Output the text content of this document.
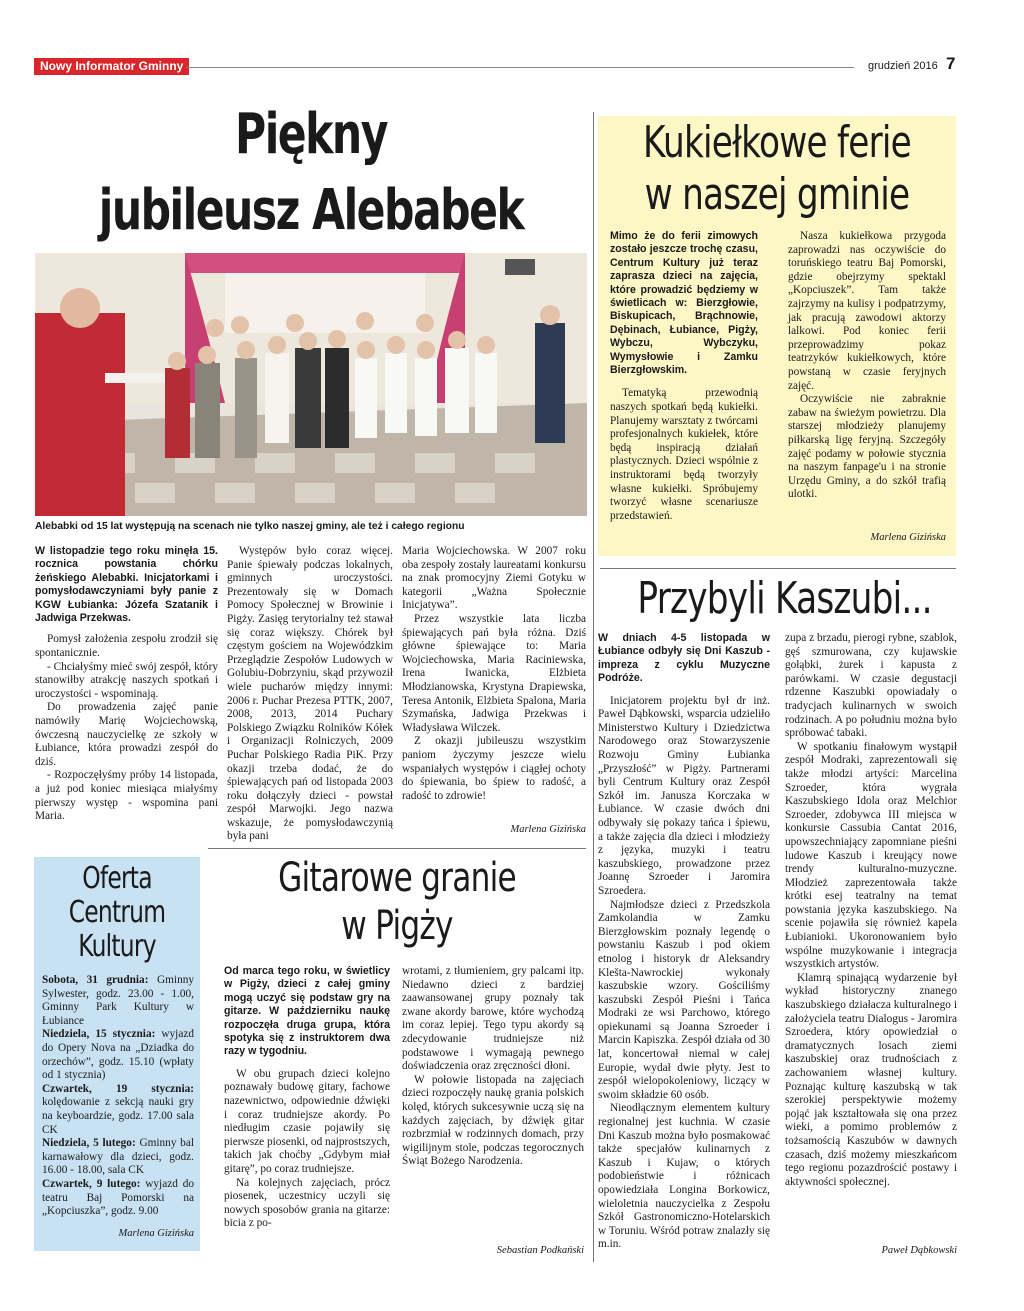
Nowy Informator Gminny	grudzień 2016 7
Piękny
jubileusz Alebabek
Alebabki od 15 lat występują na scenach nie tylko naszej gminy, ale też i całego regionu
W listopadzie tego roku minęła 15. rocznica powstania chórku żeńskiego Alebabki. Inicjatorkami i pomysłodawczyniami były panie z KGW Łubianka: Józefa Szatanik i Jadwiga Przekwas.

Pomysł założenia zespołu zrodził się spontanicznie.

- Chciałyśmy mieć swój zespół, który stanowiłby atrakcję naszych spotkań i uroczystości - wspominają.

Do prowadzenia zajęć panie namówiły Marię Wojciechowską, ówczesną nauczycielkę ze szkoły w Łubiance, która prowadzi zespół do dziś.

- Rozpoczęłyśmy próby 14 listopada, a już pod koniec miesiąca miałyśmy pierwszy występ - wspomina pani Maria.

Występów było coraz więcej. Panie śpiewały podczas lokalnych, gminnych uroczystości. Prezentowały się w Domach Pomocy Społecznej w Browinie i Pigży. Zasięg terytorialny też stawał się coraz większy. Chórek był częstym gościem na Wojewódzkim Przeglądzie Zespołów Ludowych w Golubiu-Dobrzyniu, skąd przywoził wiele pucharów między innymi: 2006 r. Puchar Prezesa PTTK, 2007, 2008, 2013, 2014 Puchary Polskiego Związku Rolników Kółek i Organizacji Rolniczych, 2009 Puchar Polskiego Radia PiK. Przy okazji trzeba dodać, że do śpiewających pań od listopada 2003 roku dołączyły dzieci - powstał zespół Marwojki. Jego nazwa wskazuje, że pomysłodawczynią była pani

Maria Wojciechowska. W 2007 roku oba zespoły zostały laureatami konkursu na znak promocyjny Ziemi Gotyku w kategorii „Ważna Społecznie Inicjatywa”.

Przez wszystkie lata liczba śpiewających pań była różna. Dziś główne śpiewające to: Maria Wojciechowska, Maria Raciniewska, Irena Iwanicka, Elżbieta Młodzianowska, Krystyna Drapiewska, Teresa Antonik, Elżbieta Spalona, Maria Szymańska, Jadwiga Przekwas i Władysława Wilczek.

Z okazji jubileuszu wszystkim paniom życzymy jeszcze wielu wspaniałych występów i ciągłej ochoty do śpiewania, bo śpiew to radość, a radość to zdrowie!

Marlena Gizińska
Kukiełkowe ferie
w naszej gminie
Mimo że do ferii zimowych zostało jeszcze trochę czasu, Centrum Kultury już teraz zaprasza dzieci na zajęcia, które prowadzić będziemy w świetlicach w: Bierzgłowie, Biskupicach, Brąchnowie, Dębinach, Łubiance, Pigży, Wybczu, Wybczyku, Wymysłowie i Zamku Bierzgłowskim.

Tematyką przewodnią naszych spotkań będą kukiełki. Planujemy warsztaty z twórcami profesjonalnych kukiełek, które będą inspiracją działań plastycznych. Dzieci wspólnie z instruktorami będą tworzyły własne kukiełki. Spróbujemy tworzyć własne scenariusze przedstawień.

Nasza kukiełkowa przygoda zaprowadzi nas oczywiście do toruńskiego teatru Baj Pomorski, gdzie obejrzymy spektakl „Kopciuszek”. Tam także zajrzymy na kulisy i podpatrzymy, jak pracują zawodowi aktorzy lalkowi. Pod koniec ferii przeprowadzimy pokaz teatrzyków kukiełkowych, które powstaną w czasie feryjnych zajęć.

Oczywiście nie zabraknie zabaw na świeżym powietrzu. Dla starszej młodzieży planujemy piłkarską ligę feryjną. Szczegóły zajęć podamy w połowie stycznia na naszym fanpage'u i na stronie Urzędu Gminy, a do szkół trafią ulotki.

Marlena Gizińska
Przybyli Kaszubi...
W dniach 4-5 listopada w Łubiance odbyły się Dni Kaszub - impreza z cyklu Muzyczne Podróże.

Inicjatorem projektu był dr inż. Paweł Dąbkowski, wsparcia udzieliło Ministerstwo Kultury i Dziedzictwa Narodowego oraz Stowarzyszenie Rozwoju Gminy Łubianka „Przyszłość” w Pigży. Partnerami byli Centrum Kultury oraz Zespół Szkół im. Janusza Korczaka w Łubiance. W czasie dwóch dni odbywały się pokazy tańca i śpiewu, a także zajęcia dla dzieci i młodzieży z języka, muzyki i teatru kaszubskiego, prowadzone przez Joannę Szroeder i Jaromira Szroedera.

Najmłodsze dzieci z Przedszkola Zamkolandia w Zamku Bierzgłowskim poznały legendę o powstaniu Kaszub i pod okiem etnolog i historyk dr Aleksandry Klešta-Nawrockiej wykonały kaszubskie wzory. Gościliśmy kaszubski Zespół Pieśni i Tańca Modraki ze wsi Parchowo, którego opiekunami są Joanna Szroeder i Marcin Kapiszka. Zespół działa od 30 lat, koncertował niemal w całej Europie, wydał dwie płyty. Jest to zespół wielopokoleniowy, liczący w swoim składzie 60 osób.

Nieodłącznym elementem kultury regionalnej jest kuchnia. W czasie Dni Kaszub można było posmakować także specjałów kulinarnych z Kaszub i Kujaw, o których podobieństwie i różnicach opowiedziała Longina Borkowicz, wieloletnia nauczycielka z Zespołu Szkół Gastronomiczno-Hotelarskich w Toruniu. Wśród potraw znalazły się m.in.

zupa z brzadu, pierogi rybne, szablok, gęś szmurowana, czy kujawskie gołąbki, żurek i kapusta z parówkami. W czasie degustacji rdzenne Kaszubki opowiadały o tradycjach kulinarnych w swoich rodzinach. A po południu można było spróbować tabaki.

W spotkaniu finałowym wystąpił zespół Modraki, zaprezentowali się także młodzi artyści: Marcelina Szroeder, która wygrała Kaszubskiego Idola oraz Melchior Szroeder, zdobywca III miejsca w konkursie Cassubia Cantat 2016, upowszechniający zapomniane pieśni ludowe Kaszub i kreujący nowe trendy kulturalno-muzyczne. Młodzież zaprezentowała także krótki esej teatralny na temat powstania języka kaszubskiego. Na scenie pojawiła się również kapela Łubianioki. Ukoronowaniem było wspólne muzykowanie i integracja wszystkich artystów.

Klamrą spinającą wydarzenie był wykład historyczny znanego kaszubskiego działacza kulturalnego i założyciela teatru Dialogus - Jaromira Szroedera, który opowiedział o dramatycznych losach ziemi kaszubskiej oraz trudnościach z zachowaniem własnej kultury. Poznając kulturę kaszubską w tak szerokiej perspektywie możemy pojąć jak kształtowała się ona przez wieki, a pomimo problemów z tożsamością Kaszubów w dawnych czasach, dziś możemy mieszkańcom tego regionu pozazdrościć postawy i aktywności społecznej.

Paweł Dąbkowski
Oferta
Centrum
Kultury

Sobota, 31 grudnia: Gminny Sylwester, godz. 23.00 - 1.00, Gminny Park Kultury w Łubiance

Niedziela, 15 stycznia: wyjazd do Opery Nova na „Dziadka do orzechów”, godz. 15.10 (wpłaty od 1 stycznia)

Czwartek, 19 stycznia: kolędowanie z sekcją nauki gry na keyboardzie, godz. 17.00 sala CK

Niedziela, 5 lutego: Gminny bal karnawałowy dla dzieci, godz. 16.00 - 18.00, sala CK

Czwartek, 9 lutego: wyjazd do teatru Baj Pomorski na „Kopciuszka”, godz. 9.00

Marlena Gizińska
Gitarowe granie
w Pigży
Od marca tego roku, w świetlicy w Pigży, dzieci z całej gminy mogą uczyć się podstaw gry na gitarze. W październiku naukę rozpoczęła druga grupa, która spotyka się z instruktorem dwa razy w tygodniu.

W obu grupach dzieci kolejno poznawały budowę gitary, fachowe nazewnictwo, odpowiednie dźwięki i coraz trudniejsze akordy. Po niedługim czasie pojawiły się pierwsze piosenki, od najprostszych, takich jak choćby „Gdybym miał gitarę”, po coraz trudniejsze.

Na kolejnych zajęciach, prócz piosenek, uczestnicy uczyli się nowych sposobów grania na gitarze: bicia z po-

wrotami, z tłumieniem, gry palcami itp. Niedawno dzieci z bardziej zaawansowanej grupy poznały tak zwane akordy barowe, które wychodzą im coraz lepiej. Tego typu akordy są zdecydowanie trudniejsze niż podstawowe i wymagają pewnego doświadczenia oraz zręczności dłoni.

W połowie listopada na zajęciach dzieci rozpoczęły naukę grania polskich kolęd, których sukcesywnie uczą się na każdych zajęciach, by dźwięk gitar rozbrzmiał w rodzinnych domach, przy wigilijnym stole, podczas tegorocznych Świąt Bożego Narodzenia.

Sebastian Podkański
